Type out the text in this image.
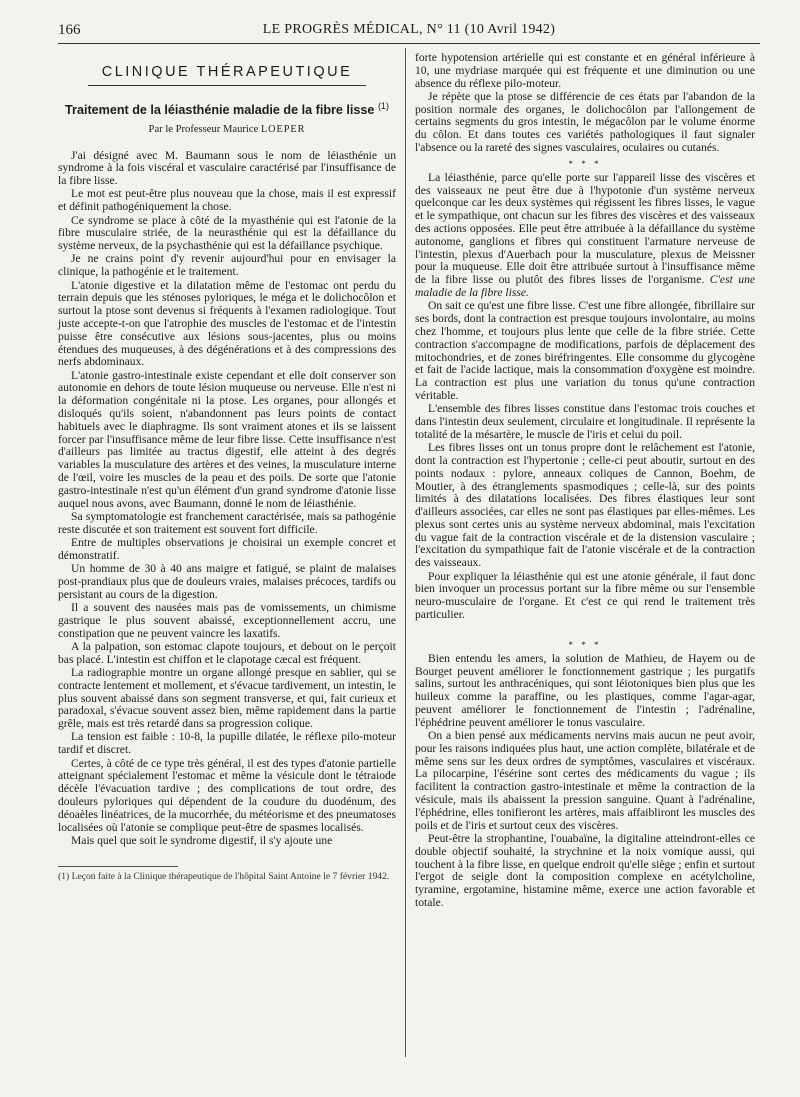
166	LE PROGRÈS MÉDICAL, N° 11 (10 Avril 1942)
CLINIQUE THÉRAPEUTIQUE
Traitement de la léiasthénie maladie de la fibre lisse $^{(1)}$
Par le Professeur Maurice LOEPER

J'ai désigné avec M. Baumann sous le nom de léiasthénie un syndrome à la fois viscéral et vasculaire caractérisé par l'insuffisance de la fibre lisse.

Le mot est peut-être plus nouveau que la chose, mais il est expressif et définit pathogéniquement la chose.

Ce syndrome se place à côté de la myasthénie qui est l'atonie de la fibre musculaire striée, de la neurasthénie qui est la défaillance du système nerveux, de la psychasthénie qui est la défaillance psychique.

Je ne crains point d'y revenir aujourd'hui pour en envisager la clinique, la pathogénie et le traitement.

L'atonie digestive et la dilatation même de l'estomac ont perdu du terrain depuis que les sténoses pyloriques, le méga et le dolichocôlon et surtout la ptose sont devenus si fréquents à l'examen radiologique. Tout juste accepte-t-on que l'atrophie des muscles de l'estomac et de l'intestin puisse être consécutive aux lésions sous-jacentes, plus ou moins étendues des muqueuses, à des dégénérations et à des compressions des nerfs abdominaux.

L'atonie gastro-intestinale existe cependant et elle doit conserver son autonomie en dehors de toute lésion muqueuse ou nerveuse. Elle n'est ni la déformation congénitale ni la ptose. Les organes, pour allongés et disloqués qu'ils soient, n'abandonnent pas leurs points de contact habituels avec le diaphragme. Ils sont vraiment atones et ils se laissent forcer par l'insuffisance même de leur fibre lisse. Cette insuffisance n'est d'ailleurs pas limitée au tractus digestif, elle atteint à des degrés variables la musculature des artères et des veines, la musculature interne de l'œil, voire les muscles de la peau et des poils. De sorte que l'atonie gastro-intestinale n'est qu'un élément d'un grand syndrome d'atonie lisse auquel nous avons, avec Baumann, donné le nom de léiasthénie.

Sa symptomatologie est franchement caractérisée, mais sa pathogénie reste discutée et son traitement est souvent fort difficile.

Entre de multiples observations je choisirai un exemple concret et démonstratif.

Un homme de 30 à 40 ans maigre et fatigué, se plaint de malaises post-prandiaux plus que de douleurs vraies, malaises précoces, tardifs ou persistant au cours de la digestion.

Il a souvent des nausées mais pas de vomissements, un chimisme gastrique le plus souvent abaissé, exceptionnellement accru, une constipation que ne peuvent vaincre les laxatifs.

A la palpation, son estomac clapote toujours, et debout on le perçoit bas placé. L'intestin est chiffon et le clapotage cæcal est fréquent.

La radiographie montre un organe allongé presque en sablier, qui se contracte lentement et mollement, et s'évacue tardivement, un intestin, le plus souvent abaissé dans son segment transverse, et qui, fait curieux et paradoxal, s'évacue souvent assez bien, même rapidement dans la partie grêle, mais est très retardé dans sa progression colique.

La tension est faible : 10-8, la pupille dilatée, le réflexe pilo-moteur tardif et discret.

Certes, à côté de ce type très général, il est des types d'atonie partielle atteignant spécialement l'estomac et même la vésicule dont le tétraiode décèle l'évacuation tardive ; des complications de tout ordre, des douleurs pyloriques qui dépendent de la coudure du duodénum, des déoaèles linéatrices, de la mucorrhée, du météorisme et des pneumatoses localisées où l'atonie se complique peut-être de spasmes localisés.

Mais quel que soit le syndrome digestif, il s'y ajoute une

(1) Leçon faite à la Clinique thérapeutique de l'hôpital Saint Antoine le 7 février 1942.

forte hypotension artérielle qui est constante et en général inférieure à 10, une mydriase marquée qui est fréquente et une diminution ou une absence du réflexe pilo-moteur.

Je répète que la ptose se différencie de ces états par l'abandon de la position normale des organes, le dolichocôlon par l'allongement de certains segments du gros intestin, le mégacôlon par le volume énorme du côlon. Et dans toutes ces variétés pathologiques il faut signaler l'absence ou la rareté des signes vasculaires, oculaires ou cutanés.

* * *

La léiasthénie, parce qu'elle porte sur l'appareil lisse des viscères et des vaisseaux ne peut être due à l'hypotonie d'un système nerveux quelconque car les deux systèmes qui régissent les fibres lisses, le vague et le sympathique, ont chacun sur les fibres des viscères et des vaisseaux des actions opposées. Elle peut être attribuée à la défaillance du système autonome, ganglions et fibres qui constituent l'armature nerveuse de l'intestin, plexus d'Auerbach pour la musculature, plexus de Meissner pour la muqueuse. Elle doit être attribuée surtout à l'insuffisance même de la fibre lisse ou plutôt des fibres lisses de l'organisme. C'est une maladie de la fibre lisse.

On sait ce qu'est une fibre lisse. C'est une fibre allongée, fibrillaire sur ses bords, dont la contraction est presque toujours involontaire, au moins chez l'homme, et toujours plus lente que celle de la fibre striée. Cette contraction s'accompagne de modifications, parfois de déplacement des mitochondries, et de zones biréfringentes. Elle consomme du glycogène et fait de l'acide lactique, mais la consommation d'oxygène est moindre. La contraction est plus une variation du tonus qu'une contraction véritable.

L'ensemble des fibres lisses constitue dans l'estomac trois couches et dans l'intestin deux seulement, circulaire et longitudinale. Il représente la totalité de la mésartère, le muscle de l'iris et celui du poil.

Les fibres lisses ont un tonus propre dont le relâchement est l'atonie, dont la contraction est l'hypertonie ; celle-ci peut aboutir, surtout en des points nodaux : pylore, anneaux coliques de Cannon, Boehm, de Moutier, à des étranglements spasmodiques ; celle-là, sur des points limités à des dilatations localisées. Des fibres élastiques leur sont d'ailleurs associées, car elles ne sont pas élastiques par elles-mêmes. Les plexus sont certes unis au système nerveux abdominal, mais l'excitation du vague fait de la contraction viscérale et de la distension vasculaire ; l'excitation du sympathique fait de l'atonie viscérale et de la contraction des vaisseaux.

Pour expliquer la léiasthénie qui est une atonie générale, il faut donc bien invoquer un processus portant sur la fibre même ou sur l'ensemble neuro-musculaire de l'organe. Et c'est ce qui rend le traitement très particulier.

* * *

Bien entendu les amers, la solution de Mathieu, de Hayem ou de Bourget peuvent améliorer le fonctionnement gastrique ; les purgatifs salins, surtout les anthracéniques, qui sont léiotoniques bien plus que les huileux comme la paraffine, ou les plastiques, comme l'agar-agar, peuvent améliorer le fonctionnement de l'intestin ; l'adrénaline, l'éphédrine peuvent améliorer le tonus vasculaire.

On a bien pensé aux médicaments nervins mais aucun ne peut avoir, pour les raisons indiquées plus haut, une action complète, bilatérale et de même sens sur les deux ordres de symptômes, vasculaires et viscéraux. La pilocarpine, l'ésérine sont certes des médicaments du vague ; ils facilitent la contraction gastro-intestinale et même la contraction de la vésicule, mais ils abaissent la pression sanguine. Quant à l'adrénaline, l'éphédrine, elles tonifieront les artères, mais affaibliront les muscles des poils et de l'iris et surtout ceux des viscères.

Peut-être la strophantine, l'ouabaïne, la digitaline atteindront-elles ce double objectif souhaité, la strychnine et la noix vomique aussi, qui touchent à la fibre lisse, en quelque endroit qu'elle siège ; enfin et surtout l'ergot de seigle dont la composition complexe en acétylcholine, tyramine, ergotamine, histamine même, exerce une action favorable et totale.
